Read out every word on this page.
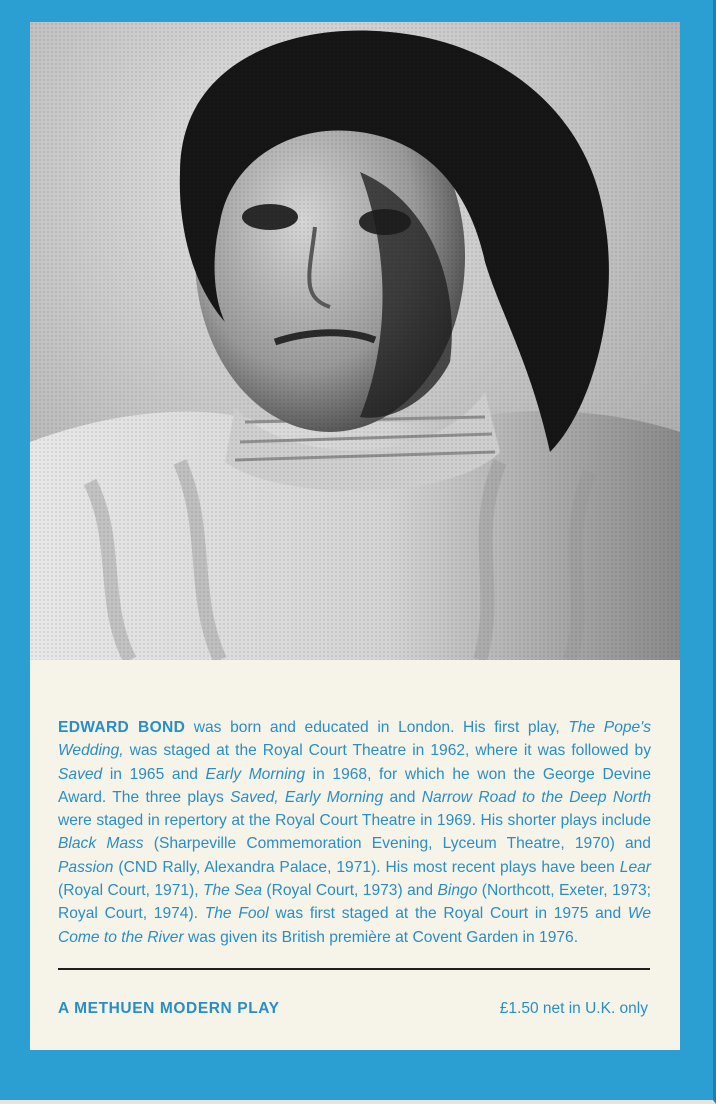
EDWARD BOND was born and educated in London. His first play, The Pope's Wedding, was staged at the Royal Court Theatre in 1962, where it was followed by Saved in 1965 and Early Morning in 1968, for which he won the George Devine Award. The three plays Saved, Early Morning and Narrow Road to the Deep North were staged in repertory at the Royal Court Theatre in 1969. His shorter plays include Black Mass (Sharpeville Commemoration Evening, Lyceum Theatre, 1970) and Passion (CND Rally, Alexandra Palace, 1971). His most recent plays have been Lear (Royal Court, 1971), The Sea (Royal Court, 1973) and Bingo (Northcott, Exeter, 1973; Royal Court, 1974). The Fool was first staged at the Royal Court in 1975 and We Come to the River was given its British première at Covent Garden in 1976.

A METHUEN MODERN PLAY	£1.50 net in U.K. only
